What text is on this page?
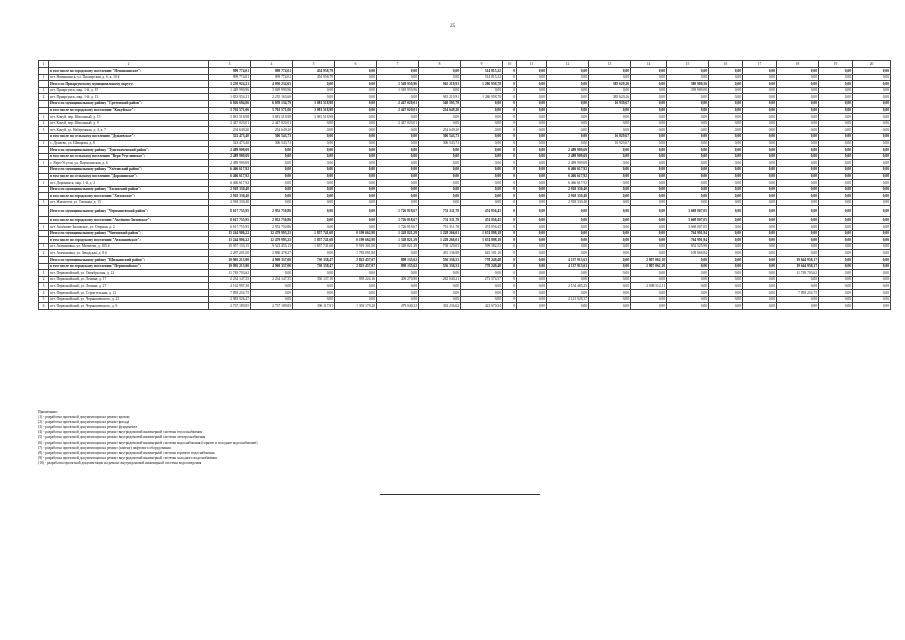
25
1	2	3	4	5	6	7	8	9	10	11	12	13	14	15	16	17	18	19	20
	в том числе по городскому поселению "Неманоинское":	999 774,01	999 774,01	454 958,79	0,00	0,00	0,00	514 815,22	0	0,00	0,00	0,00	0,00	0,00	0,00	0,00	0,00	0,00	0,00
1	пгт. Неманоинск, ул. Пионерская, д. 6, к. 10 #	999 774,01	999 774,01	454 958,79	0,00	0,00	0,00	514 815,22	0	0,00	0,00	0,00	0,00	0,00	0,00	0,00	0,00	0,00	0,00
	Итого по Приаргунскому муниципальному округу:	3 250 924,21	4 050 234,65	0,00	0,00	1 549 950,96	945 219,91	1 286 958,78	0	0,00	0,00	385 620,26	0,00	380 980,56	0,00	0,00	0,00	0,00	0,00
1	пгт. Приаргунск, мкр. 1-й, д. 15	1 449 990,96	3 049 990,96	0,00	0,00	1 549 950,96	0,00	0,00	0	0,00	0,00	0,00	0,00	339 980,00	0,00	0,00	0,00	0,00	0,00
2	пгт. Приаргунск, мкр. 1-й, д. 13	1 833 954,21	2 235 163,68	0,00	0,00	0,00	945 219,91	1 286 958,78	0	0,00	0,00	385 620,26	0,00	0,00	0,00	0,00	0,00	0,00	0,00
	Итого по муниципальному району "Сретенский район":	6 026 694,06	6 059 134,79	3 081 518,98	0,00	2 447 020,01	540 595,79	0,00	0	0,00	0,00	16 939,67	0,00	0,00	0,00	0,00	0,00	0,00	0,00
	в том числе по городскому поселению "Кокуйское":	5 702 571,06	5 702 571,06	3 081 518,98	0,00	2 447 020,01	254 649,20	0,00	0	0,00	0,00	0,00	0,00	0,00	0,00	0,00	0,00	0,00	0,00
1	пгт. Кокуй, пер. Школьный, д. 15	3 081 518,98	3 081 518,98	3 081 518,98	0,00	0,00	0,00	0,00	0	0,00	0,00	0,00	0,00	0,00	0,00	0,00	0,00	0,00	0,00
2	пгт. Кокуй, пер. Школьный, д. 9	2 447 020,01	2 447 020,01	0,00	0,00	2 447 020,01	0,00	0,00	0	0,00	0,00	0,00	0,00	0,00	0,00	0,00	0,00	0,00	0,00
3	пгт. Кокуй, ул. Набережная, д. 4, к. 7	254 649,20	254 649,20	0,00	0,00	0,00	254 649,20	0,00	0	0,00	0,00	0,00	0,00	0,00	0,00	0,00	0,00	0,00	0,00
	в том числе по сельскому поселению "Дунаевское":	323 473,40	306 543,73	0,00	0,00	0,00	306 543,73	0,00	0	0,00	0,00	16 929,67	0,00	0,00	0,00	0,00	0,00	0,00	0,00
1	с. Дунаево, ул. Шмарова, д. 8	323 473,40	306 543,73	0,00	0,00	0,00	306 543,73	0,00	0	0,00	0,00	16 929,67	0,00	0,00	0,00	0,00	0,00	0,00	0,00
	Итого по муниципальному району "Тунгокоченский район":	2 489 909,69	0,00	0,00	0,00	0,00	0,00	0,00	0	0,00	2 489 909,69	0,00	0,00	0,00	0,00	0,00	0,00	0,00	0,00
	в том числе по сельскому поселению "Верх-Усуглинское":	2 489 909,69	0,00	0,00	0,00	0,00	0,00	0,00	0	0,00	2 489 909,69	0,00	0,00	0,00	0,00	0,00	0,00	0,00	0,00
1	с. Верх-Усугли, ул. Партизанская, д. 6	2 489 909,69	0,00	0,00	0,00	0,00	0,00	0,00	0	0,00	2 489 909,69	0,00	0,00	0,00	0,00	0,00	0,00	0,00	0,00
	Итого по муниципальному району "Улётовский район":	6 466 617,92	0,00	0,00	0,00	0,00	0,00	0,00	0	0,00	6 466 617,92	0,00	0,00	0,00	0,00	0,00	0,00	0,00	0,00
	в том числе по сельскому поселению "Доронинское":	6 466 617,92	0,00	0,00	0,00	0,00	0,00	0,00	0	0,00	6 466 617,92	0,00	0,00	0,00	0,00	0,00	0,00	0,00	0,00
1	пгт. Доронинск, мкр. 1-й, д. 2	6 466 617,92	0,00	0,00	0,00	0,00	0,00	0,00	0	0,00	6 466 617,92	0,00	0,00	0,00	0,00	0,00	0,00	0,00	0,00
	Итого по муниципальному району "Хилокский район":	2 918 330,40	0,00	0,00	0,00	0,00	0,00	0,00	0	0,00	2 918 330,40	0,00	0,00	0,00	0,00	0,00	0,00	0,00	0,00
	в том числе по городскому поселению "Хилокское":	2 918 330,40	0,00	0,00	0,00	0,00	0,00	0,00	0	0,00	2 918 330,40	0,00	0,00	0,00	0,00	0,00	0,00	0,00	0,00
1	пгт. Жипхеген, ул. Таежная, д. 13	2 918 330,40	0,00	0,00	0,00	0,00	0,00	0,00	0	0,00	2 918 330,40	0,00	0,00	0,00	0,00	0,00	0,00	0,00	0,00
	Итого по муниципальному району "Чернышевский район":	8 617 755,95	2 952 750,86	0,00	0,00	1 726 818,67	751 311,78	474 056,45	0	0,00	0,00	0,00	0,00	3 668 007,05	0,00	0,00	0,00	0,00	0,00
	в том числе по городскому поселению "Аксёново-Зиловское":	8 617 755,95	2 952 750,86	0,00	0,00	1 726 818,67	751 311,78	474 056,45	0	0,00	0,00	0,00	0,00	3 668 007,05	0,00	0,00	0,00	0,00	0,00
1	пгт. Аксёново-Зиловское, ул. Озерная, д. 2	6 617 755,95	2 952 750,86	0,00	0,00	1 726 818,67	751 311,78	474 056,45	0	0,00	0,00	0,00	0,00	3 668 007,05	0,00	0,00	0,00	0,00	0,00
	Итого по муниципальному району "Читинский район":	15 244 986,22	12 479 993,25	1 857 741,68	0 199 662,98	1 328 821,29	1 228 266,01	1 674 898,18	0	0,00	0,00	0,00	0,00	764 991,94	0,00	0,00	0,00	0,00	0,00
	в том числе по городскому поселению "Атамановское":	15 244 986,22	12 479 993,25	1 857 741,68	0 199 662,98	1 328 821,29	1 228 266,01	1 674 898,18	0	0,00	0,00	0,00	0,00	764 991,94	0,00	0,00	0,00	0,00	0,00
1	пгт. Атамановка, ул. Матвеева, д. 105 #	10 957 133,15	9 523 453,13	1 857 741,68	9 919 301,00	1 328 821,29	738 129,03	599 582,52	0	0,00	0,00	0,00	0,00	652 525,98	0,00	0,00	0,00	0,00	0,00
2	пгт. Атамановка, ул. Заводская, д. 8 #	2 287 201,00	2 880 378,27	0,00	1 783 091,80	0,00	491 136,98	645 181,10	0	0,00	0,00	0,00	0,00	109 868,84	0,00	0,00	0,00	0,00	0,00
	Итого по муниципальному району "Шилкинский район":	10 995 213,90	4 969 337,00	730 338,47	2 823 457,07	898 135,62	556 336,53	778 249,48	0	0,00	4 137 913,63	0,00	2 807 062,18	0,00	0,00	0,00	19 644 958,17	0,00	0,00
	в том числе по городскому поселению "Первомайское":	10 995 213,90	4 969 337,00	730 338,47	2 823 457,07	898 135,62	556 336,53	778 249,48	0	0,00	4 137 913,63	0,00	2 807 062,18	0,00	0,00	0,00	19 644 958,17	0,00	0,00
1	пгт. Первомайский, ул. Октябрьская, д. 12	11 749 703,62	0,00	0,00	0,00	0,00	0,00	0,00	0	0,00	0,00	0,00	0,00	0,00	0,00	0,00	11 749 703,62	0,00	0,00
2	пгт. Первомайский, ул. Ленина, д. 17	2 234 147,55	2 234 147,55	330 137,18	939 224,16	409 270,80	282 040,21	273 574,57	0	0,00	0,00	0,00	0,00	0,00	0,00	0,00	0,00	0,00	0,00
3	пгт. Первомайский, ул. Ленина, д. 27	4 162 997,30	0,00	0,00	0,00	0,00	0,00	0,00	0	0,00	2 154 485,25	0,00	2 008 512,11	0,00	0,00	0,00	0,00	0,00	0,00
4	пгт. Первомайский, ул. Строительная, д. 12	7 895 254,75	0,00	0,00	0,00	0,00	0,00	0,00	0	0,00	0,00	0,00	0,00	0,00	0,00	0,00	7 895 254,75	0,00	0,00
5	пгт. Первомайский, ул. Чернышевского, д. 23	2 983 926,47	0,00	0,00	0,00	0,00	0,00	0,00	0	0,00	2 141 928,37	0,00	0,00	0,00	0,00	0,00	0,00	0,00	0,00
6	пгт. Первомайский, ул. Чернышевского, д. 9	2 737 189,85	2 737 189,85	396 117,91	1 303 179,20	479 040,32	303 236,62	422 670,54	0	0,00	0,00	0,00	0,00	0,00	0,00	0,00	0,00	0,00	0,00
Примечание:
(1) - разработка проектной документации на ремонт кровли
(2) - разработка проектной документации на ремонт фасада
(3) - разработка проектной документации на ремонт фундамента
(4) - разработка проектной документации на ремонт внутридомовой инженерной системы теплоснабжения
(5) - разработка проектной документации на ремонт внутридомовой инженерной системы электроснабжения
(6) - разработка проектной документации на ремонт внутридомовой инженерной системы водоснабжения (горячее и холодное водоснабжение)
(7) - разработка проектной документации на ремонт (замену) лифтового оборудования
(8) - разработка проектной документации на ремонт внутридомовой инженерной системы горячего водоснабжения
(9) - разработка проектной документации на ремонт внутридомовой инженерной системы холодного водоснабжения
(10) - разработка проектной документации на ремонт внутридомовой инженерной системы водоотведения
